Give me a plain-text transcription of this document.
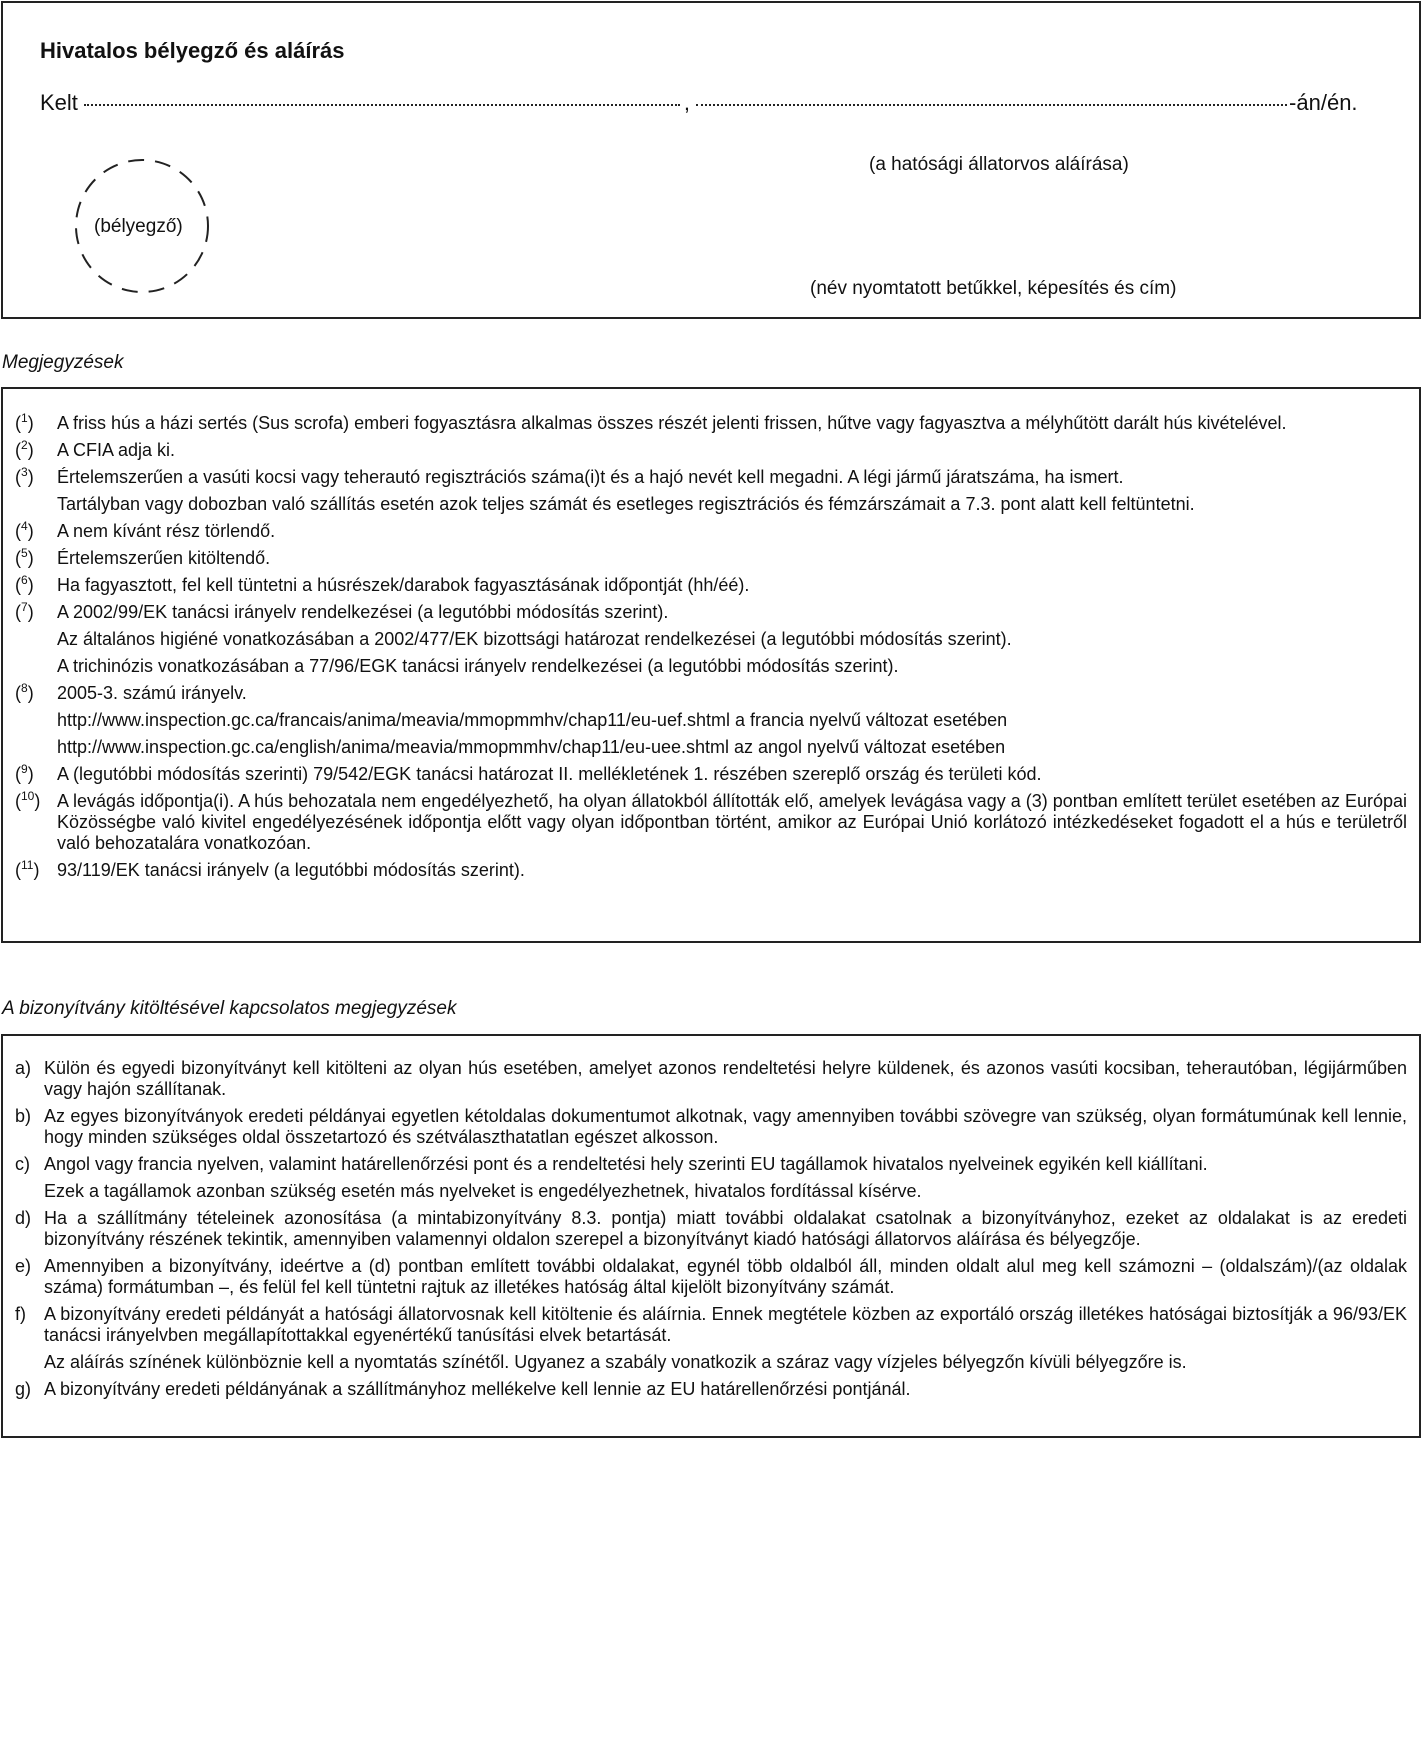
Hivatalos bélyegző és aláírás
Kelt	,	-án/én.
(bélyegző)
(a hatósági állatorvos aláírása)
(név nyomtatott betűkkel, képesítés és cím)
Megjegyzések
($^1$) A friss hús a házi sertés (Sus scrofa) emberi fogyasztásra alkalmas összes részét jelenti frissen, hűtve vagy fagyasztva a mélyhűtött darált hús kivételével.
($^2$) A CFIA adja ki.
($^3$) Értelemszerűen a vasúti kocsi vagy teherautó regisztrációs száma(i)t és a hajó nevét kell megadni. A légi jármű járatszáma, ha ismert.
Tartályban vagy dobozban való szállítás esetén azok teljes számát és esetleges regisztrációs és fémzárszámait a 7.3. pont alatt kell feltüntetni.
($^4$) A nem kívánt rész törlendő.
($^5$) Értelemszerűen kitöltendő.
($^6$) Ha fagyasztott, fel kell tüntetni a húsrészek/darabok fagyasztásának időpontját (hh/éé).
($^7$) A 2002/99/EK tanácsi irányelv rendelkezései (a legutóbbi módosítás szerint).
Az általános higiéné vonatkozásában a 2002/477/EK bizottsági határozat rendelkezései (a legutóbbi módosítás szerint).
A trichinózis vonatkozásában a 77/96/EGK tanácsi irányelv rendelkezései (a legutóbbi módosítás szerint).
($^8$) 2005-3. számú irányelv.
http://www.inspection.gc.ca/francais/anima/meavia/mmopmmhv/chap11/eu-uef.shtml a francia nyelvű változat esetében
http://www.inspection.gc.ca/english/anima/meavia/mmopmmhv/chap11/eu-uee.shtml az angol nyelvű változat esetében
($^9$) A (legutóbbi módosítás szerinti) 79/542/EGK tanácsi határozat II. mellékletének 1. részében szereplő ország és területi kód.
($^{10}$) A levágás időpontja(i). A hús behozatala nem engedélyezhető, ha olyan állatokból állították elő, amelyek levágása vagy a (3) pontban említett terület esetében az Európai Közösségbe való kivitel engedélyezésének időpontja előtt vagy olyan időpontban történt, amikor az Európai Unió korlátozó intézkedéseket fogadott el a hús e területről való behozatalára vonatkozóan.
($^{11}$) 93/119/EK tanácsi irányelv (a legutóbbi módosítás szerint).
A bizonyítvány kitöltésével kapcsolatos megjegyzések
a) Külön és egyedi bizonyítványt kell kitölteni az olyan hús esetében, amelyet azonos rendeltetési helyre küldenek, és azonos vasúti kocsiban, teherautóban, légijárműben vagy hajón szállítanak.
b) Az egyes bizonyítványok eredeti példányai egyetlen kétoldalas dokumentumot alkotnak, vagy amennyiben további szövegre van szükség, olyan formátumúnak kell lennie, hogy minden szükséges oldal összetartozó és szétválaszthatatlan egészet alkosson.
c) Angol vagy francia nyelven, valamint határellenőrzési pont és a rendeltetési hely szerinti EU tagállamok hivatalos nyelveinek egyikén kell kiállítani.
Ezek a tagállamok azonban szükség esetén más nyelveket is engedélyezhetnek, hivatalos fordítással kísérve.
d) Ha a szállítmány tételeinek azonosítása (a mintabizonyítvány 8.3. pontja) miatt további oldalakat csatolnak a bizonyítványhoz, ezeket az oldalakat is az eredeti bizonyítvány részének tekintik, amennyiben valamennyi oldalon szerepel a bizonyítványt kiadó hatósági állatorvos aláírása és bélyegzője.
e) Amennyiben a bizonyítvány, ideértve a (d) pontban említett további oldalakat, egynél több oldalból áll, minden oldalt alul meg kell számozni – (oldalszám)/(az oldalak száma) formátumban –, és felül fel kell tüntetni rajtuk az illetékes hatóság által kijelölt bizonyítvány számát.
f) A bizonyítvány eredeti példányát a hatósági állatorvosnak kell kitöltenie és aláírnia. Ennek megtétele közben az exportáló ország illetékes hatóságai biztosítják a 96/93/EK tanácsi irányelvben megállapítottakkal egyenértékű tanúsítási elvek betartását.
Az aláírás színének különböznie kell a nyomtatás színétől. Ugyanez a szabály vonatkozik a száraz vagy vízjeles bélyegzőn kívüli bélyegzőre is.
g) A bizonyítvány eredeti példányának a szállítmányhoz mellékelve kell lennie az EU határellenőrzési pontjánál.
